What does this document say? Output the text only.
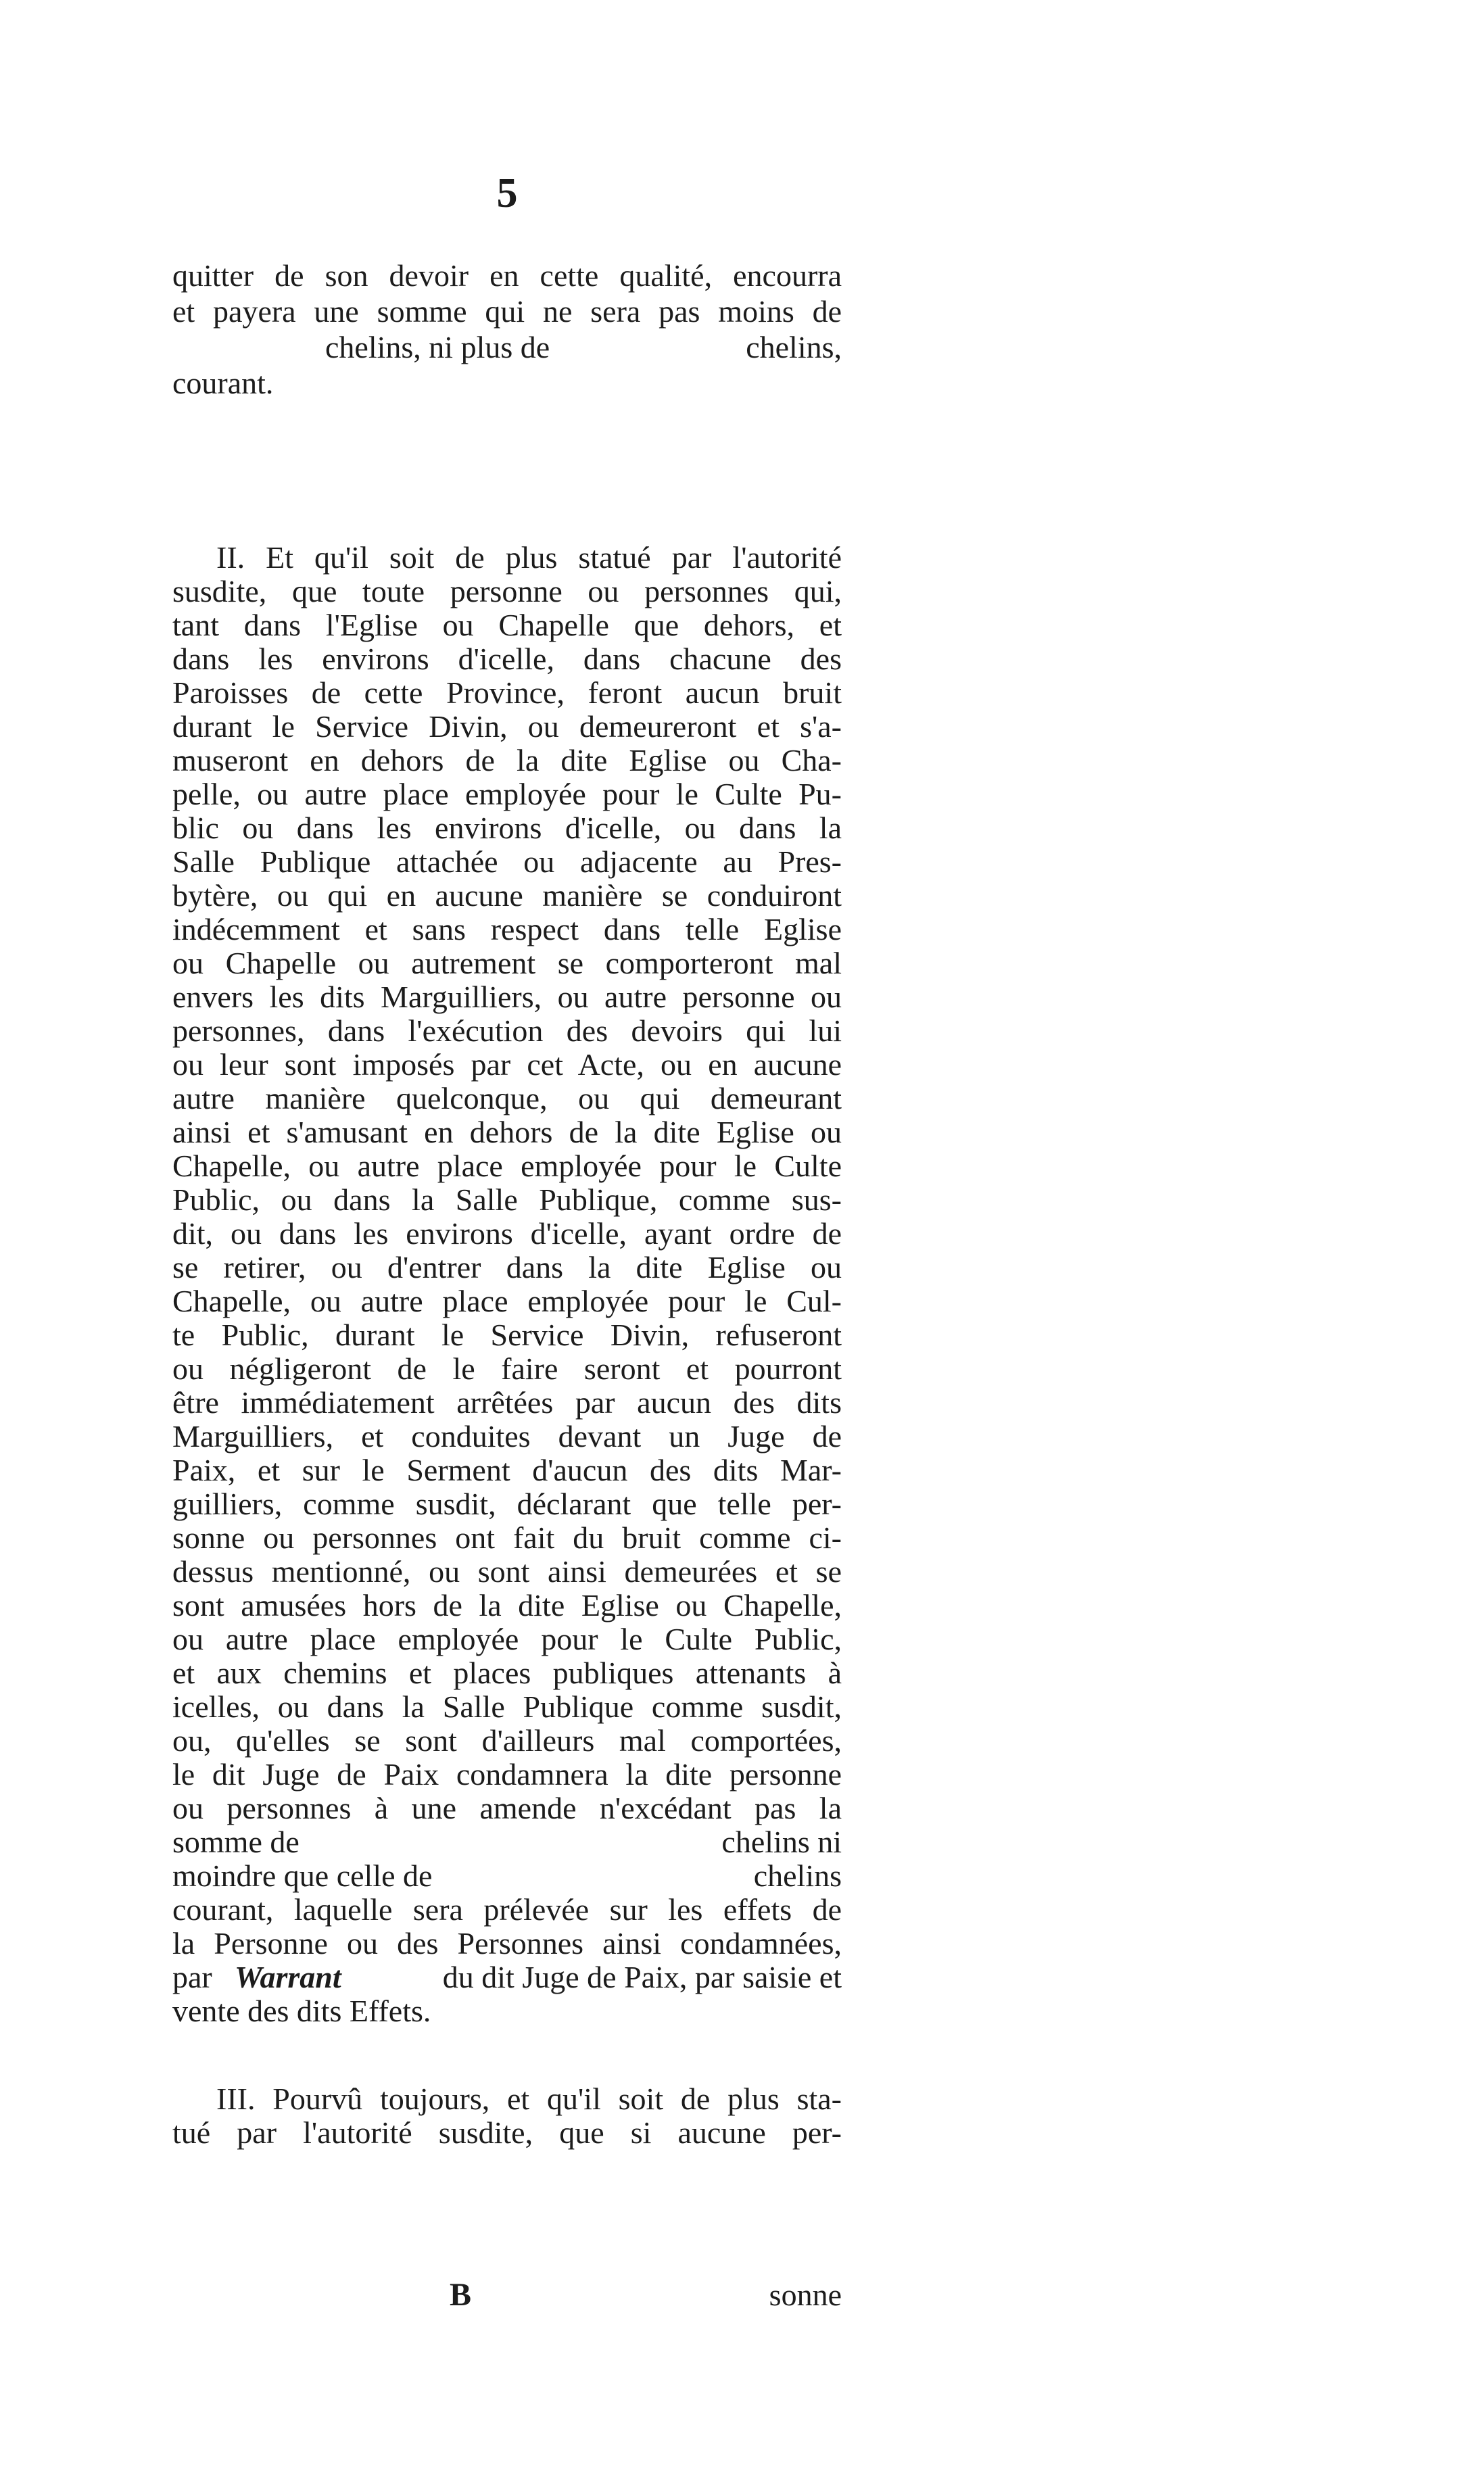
5
quitter de son devoir en cette qualité, encourra
et payera une somme qui ne sera pas moins de
chelins, ni plus de	chelins,
courant.
II. Et qu'il soit de plus statué par l'autorité
susdite, que toute personne ou personnes qui,
tant dans l'Eglise ou Chapelle que dehors, et
dans les environs d'icelle, dans chacune des
Paroisses de cette Province, feront aucun bruit
durant le Service Divin, ou demeureront et s'a-
museront en dehors de la dite Eglise ou Cha-
pelle, ou autre place employée pour le Culte Pu-
blic ou dans les environs d'icelle, ou dans la
Salle Publique attachée ou adjacente au Pres-
bytère, ou qui en aucune manière se conduiront
indécemment et sans respect dans telle Eglise
ou Chapelle ou autrement se comporteront mal
envers les dits Marguilliers, ou autre personne ou
personnes, dans l'exécution des devoirs qui lui
ou leur sont imposés par cet Acte, ou en aucune
autre manière quelconque, ou qui demeurant
ainsi et s'amusant en dehors de la dite Eglise ou
Chapelle, ou autre place employée pour le Culte
Public, ou dans la Salle Publique, comme sus-
dit, ou dans les environs d'icelle, ayant ordre de
se retirer, ou d'entrer dans la dite Eglise ou
Chapelle, ou autre place employée pour le Cul-
te Public, durant le Service Divin, refuseront
ou négligeront de le faire seront et pourront
être immédiatement arrêtées par aucun des dits
Marguilliers, et conduites devant un Juge de
Paix, et sur le Serment d'aucun des dits Mar-
guilliers, comme susdit, déclarant que telle per-
sonne ou personnes ont fait du bruit comme ci-
dessus mentionné, ou sont ainsi demeurées et se
sont amusées hors de la dite Eglise ou Chapelle,
ou autre place employée pour le Culte Public,
et aux chemins et places publiques attenants à
icelles, ou dans la Salle Publique comme susdit,
ou, qu'elles se sont d'ailleurs mal comportées,
le dit Juge de Paix condamnera la dite personne
ou personnes à une amende n'excédant pas la
somme de	chelins ni
moindre que celle de	chelins
courant, laquelle sera prélevée sur les effets de
la Personne ou des Personnes ainsi condamnées,
par Warrant	du dit Juge de Paix, par saisie et
vente des dits Effets.
III. Pourvû toujours, et qu'il soit de plus sta-
tué par l'autorité susdite, que si aucune per-
B	sonne
